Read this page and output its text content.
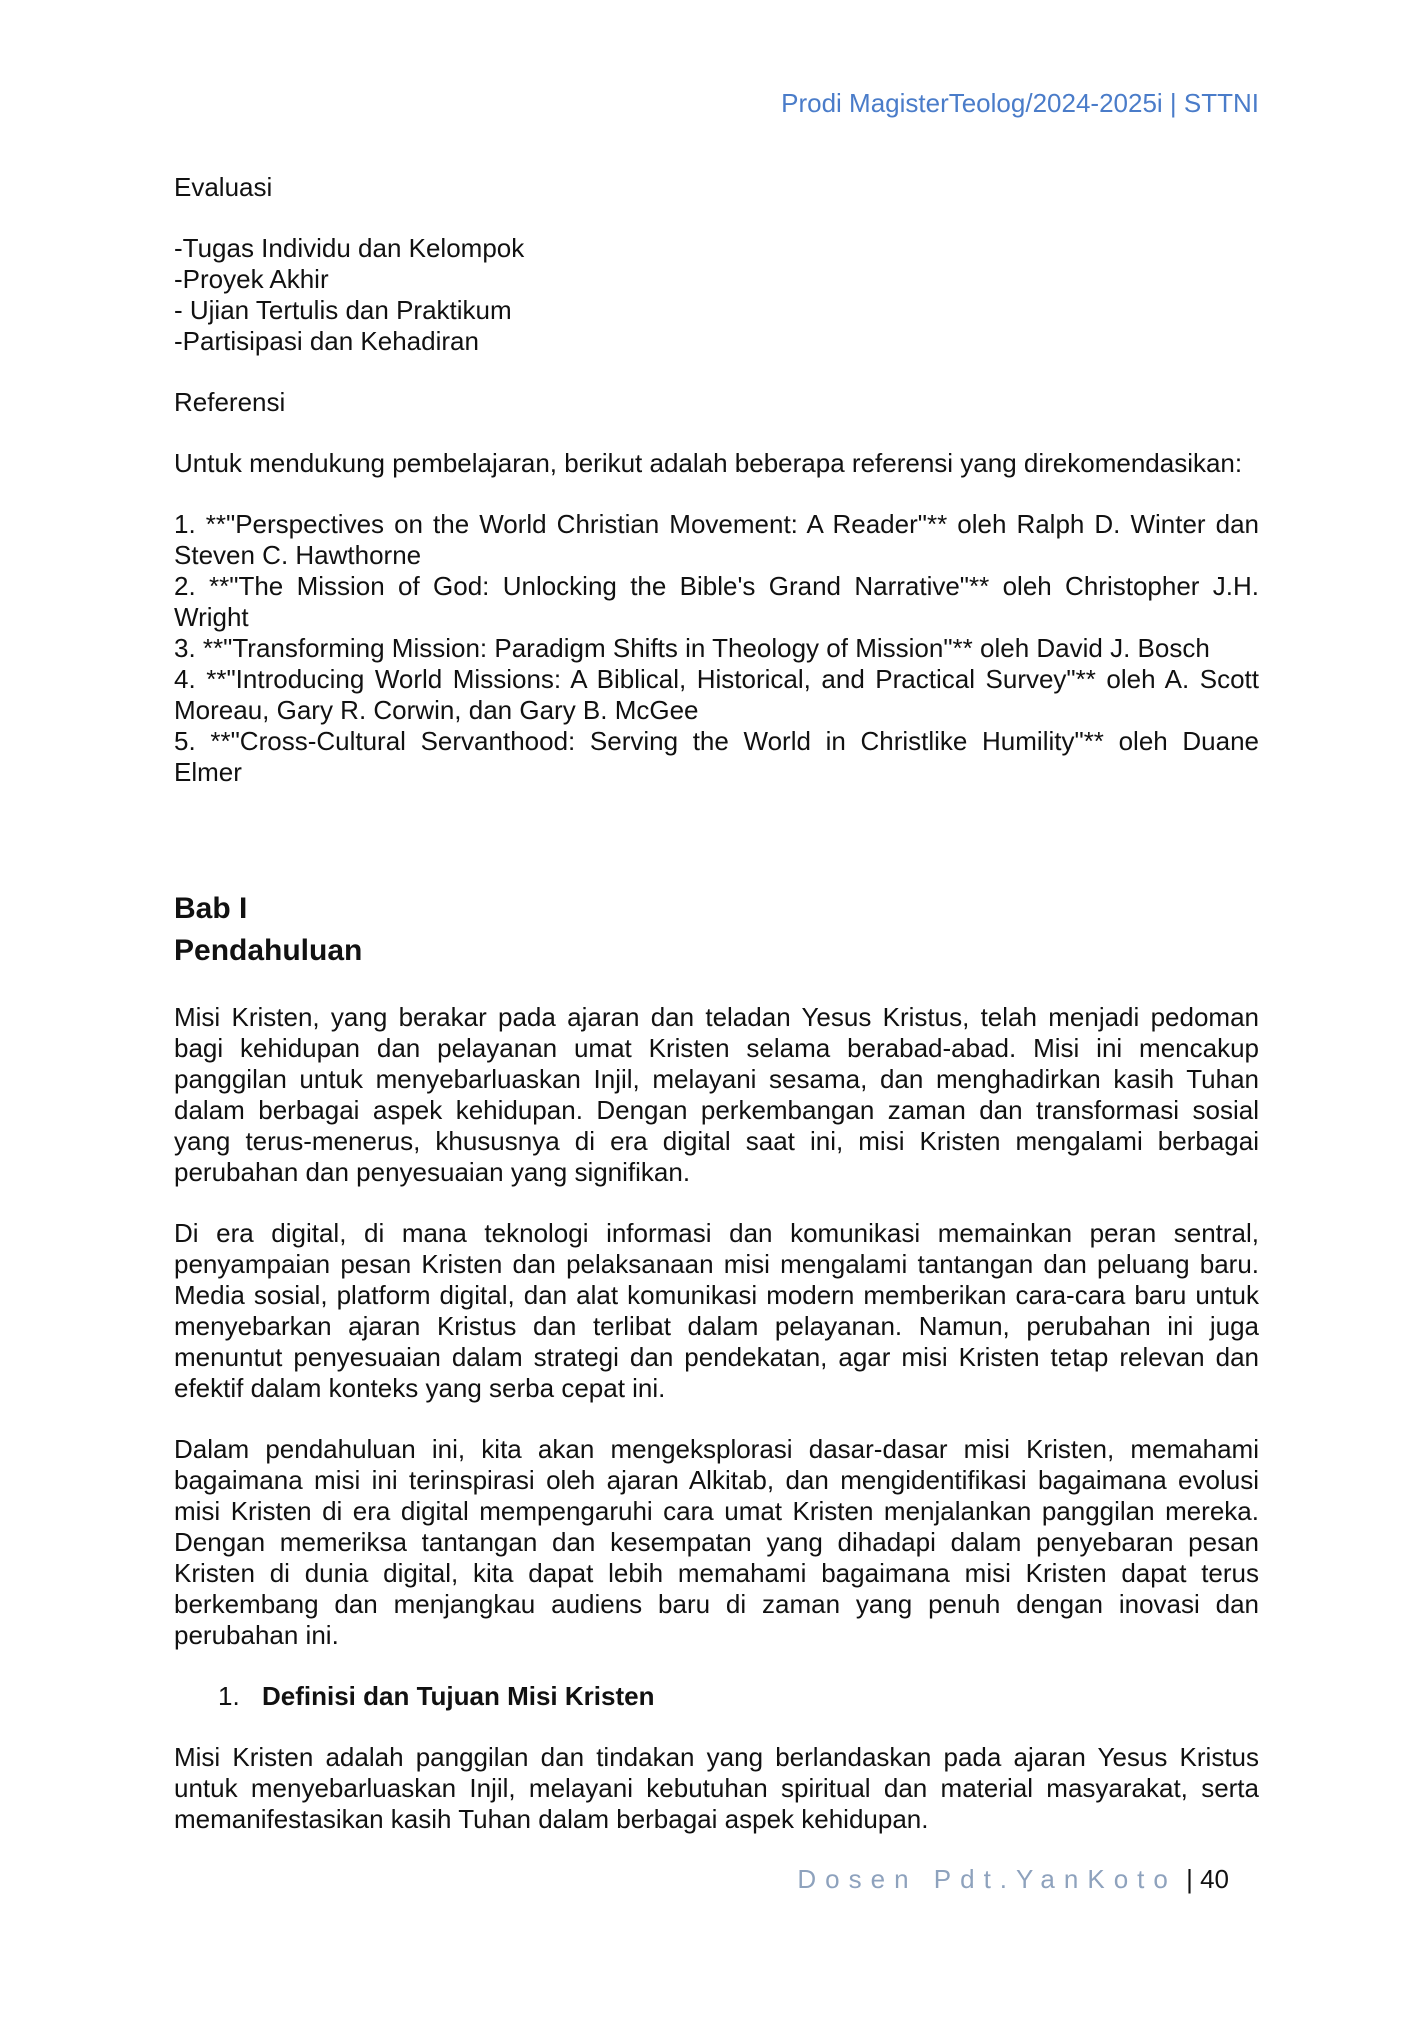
Prodi MagisterTeolog/2024-2025i | STTNI

Evaluasi

-Tugas Individu dan Kelompok

-Proyek Akhir

- Ujian Tertulis dan Praktikum

-Partisipasi dan Kehadiran

Referensi

Untuk mendukung pembelajaran, berikut adalah beberapa referensi yang direkomendasikan:

1. **"Perspectives on the World Christian Movement: A Reader"** oleh Ralph D. Winter dan Steven C. Hawthorne

2. **"The Mission of God: Unlocking the Bible's Grand Narrative"** oleh Christopher J.H. Wright

3. **"Transforming Mission: Paradigm Shifts in Theology of Mission"** oleh David J. Bosch

4. **"Introducing World Missions: A Biblical, Historical, and Practical Survey"** oleh A. Scott Moreau, Gary R. Corwin, dan Gary B. McGee

5. **"Cross-Cultural Servanthood: Serving the World in Christlike Humility"** oleh Duane Elmer

Bab I

Pendahuluan

Misi Kristen, yang berakar pada ajaran dan teladan Yesus Kristus, telah menjadi pedoman bagi kehidupan dan pelayanan umat Kristen selama berabad-abad. Misi ini mencakup panggilan untuk menyebarluaskan Injil, melayani sesama, dan menghadirkan kasih Tuhan dalam berbagai aspek kehidupan. Dengan perkembangan zaman dan transformasi sosial yang terus-menerus, khususnya di era digital saat ini, misi Kristen mengalami berbagai perubahan dan penyesuaian yang signifikan.

Di era digital, di mana teknologi informasi dan komunikasi memainkan peran sentral, penyampaian pesan Kristen dan pelaksanaan misi mengalami tantangan dan peluang baru. Media sosial, platform digital, dan alat komunikasi modern memberikan cara-cara baru untuk menyebarkan ajaran Kristus dan terlibat dalam pelayanan. Namun, perubahan ini juga menuntut penyesuaian dalam strategi dan pendekatan, agar misi Kristen tetap relevan dan efektif dalam konteks yang serba cepat ini.

Dalam pendahuluan ini, kita akan mengeksplorasi dasar-dasar misi Kristen, memahami bagaimana misi ini terinspirasi oleh ajaran Alkitab, dan mengidentifikasi bagaimana evolusi misi Kristen di era digital mempengaruhi cara umat Kristen menjalankan panggilan mereka. Dengan memeriksa tantangan dan kesempatan yang dihadapi dalam penyebaran pesan Kristen di dunia digital, kita dapat lebih memahami bagaimana misi Kristen dapat terus berkembang dan menjangkau audiens baru di zaman yang penuh dengan inovasi dan perubahan ini.

1. Definisi dan Tujuan Misi Kristen

Misi Kristen adalah panggilan dan tindakan yang berlandaskan pada ajaran Yesus Kristus untuk menyebarluaskan Injil, melayani kebutuhan spiritual dan material masyarakat, serta memanifestasikan kasih Tuhan dalam berbagai aspek kehidupan.

Dosen Pdt.YanKoto | 40
